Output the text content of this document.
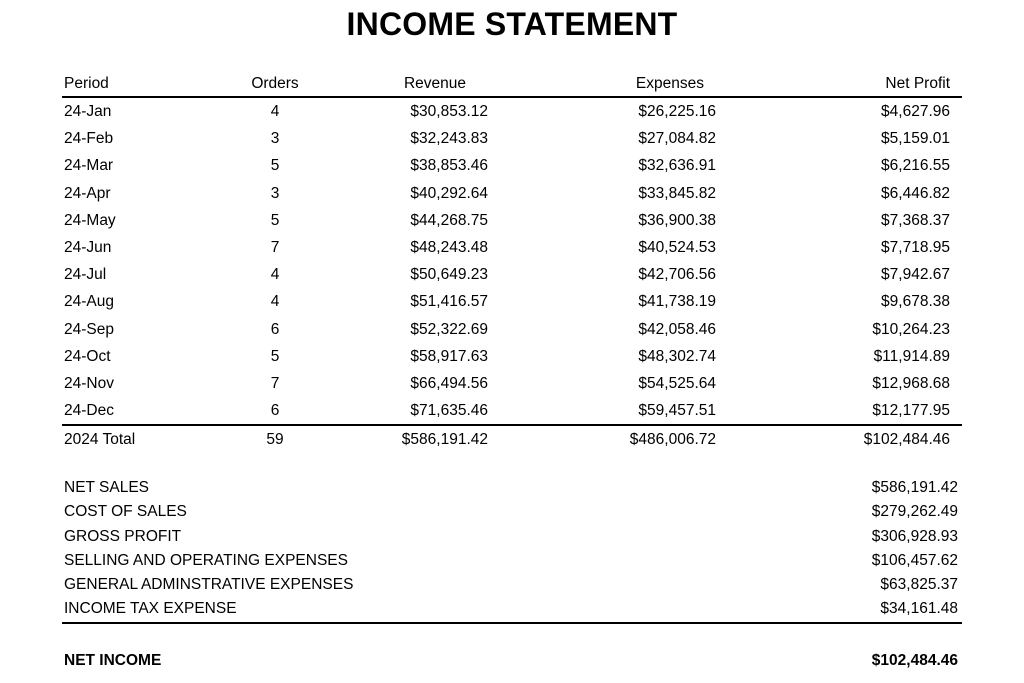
INCOME STATEMENT
Period	Orders	Revenue	Expenses	Net Profit
24-Jan	4	$30,853.12	$26,225.16	$4,627.96
24-Feb	3	$32,243.83	$27,084.82	$5,159.01
24-Mar	5	$38,853.46	$32,636.91	$6,216.55
24-Apr	3	$40,292.64	$33,845.82	$6,446.82
24-May	5	$44,268.75	$36,900.38	$7,368.37
24-Jun	7	$48,243.48	$40,524.53	$7,718.95
24-Jul	4	$50,649.23	$42,706.56	$7,942.67
24-Aug	4	$51,416.57	$41,738.19	$9,678.38
24-Sep	6	$52,322.69	$42,058.46	$10,264.23
24-Oct	5	$58,917.63	$48,302.74	$11,914.89
24-Nov	7	$66,494.56	$54,525.64	$12,968.68
24-Dec	6	$71,635.46	$59,457.51	$12,177.95
2024 Total	59	$586,191.42	$486,006.72	$102,484.46
NET SALES	$586,191.42
COST OF SALES	$279,262.49
GROSS PROFIT	$306,928.93
SELLING AND OPERATING EXPENSES	$106,457.62
GENERAL ADMINSTRATIVE EXPENSES	$63,825.37
INCOME TAX EXPENSE	$34,161.48
NET INCOME	$102,484.46
